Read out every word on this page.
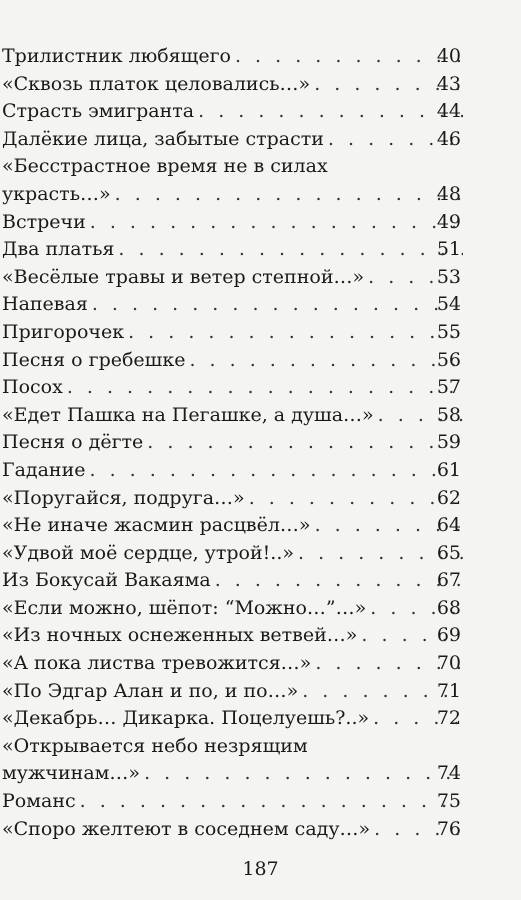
40
Трилистник любящего
. . .
43
«Сквозь платок целовались…»
. . .
44
Страсть эмигранта
. . .
46
Далёкие лица, забытые страсти
. . .
«Бесстрастное время не в силах
48
украсть…»
. . .
49
Встречи
. . .
51
Два платья
. . .
53
«Весёлые травы и ветер степной…»
. . .
54
Напевая
. . .
55
Пригорочек
. . .
56
Песня о гребешке
. . .
57
Посох
. . .
58
«Едет Пашка на Пегашке, а душа…»
. . .
59
Песня о дёгте
. . .
61
Гадание
. . .
62
«Поругайся, подруга…»
. . .
64
«Не иначе жасмин расцвёл…»
. . .
65
«Удвой моё сердце, утрой!..»
. . .
67
Из Бокусай Вакаяма
. . .
68
«Если можно, шёпот: “Можно…”…»
. . .
69
«Из ночных оснеженных ветвей…»
. . .
70
«А пока листва тревожится…»
. . .
71
«По Эдгар Алан и по, и по…»
. . .
72
«Декабрь… Дикарка. Поцелуешь?..»
. . .
«Открывается небо незрящим
74
мужчинам…»
. . .
75
Романс
. . .
76
«Споро желтеют в соседнем саду…»
. . .
187
